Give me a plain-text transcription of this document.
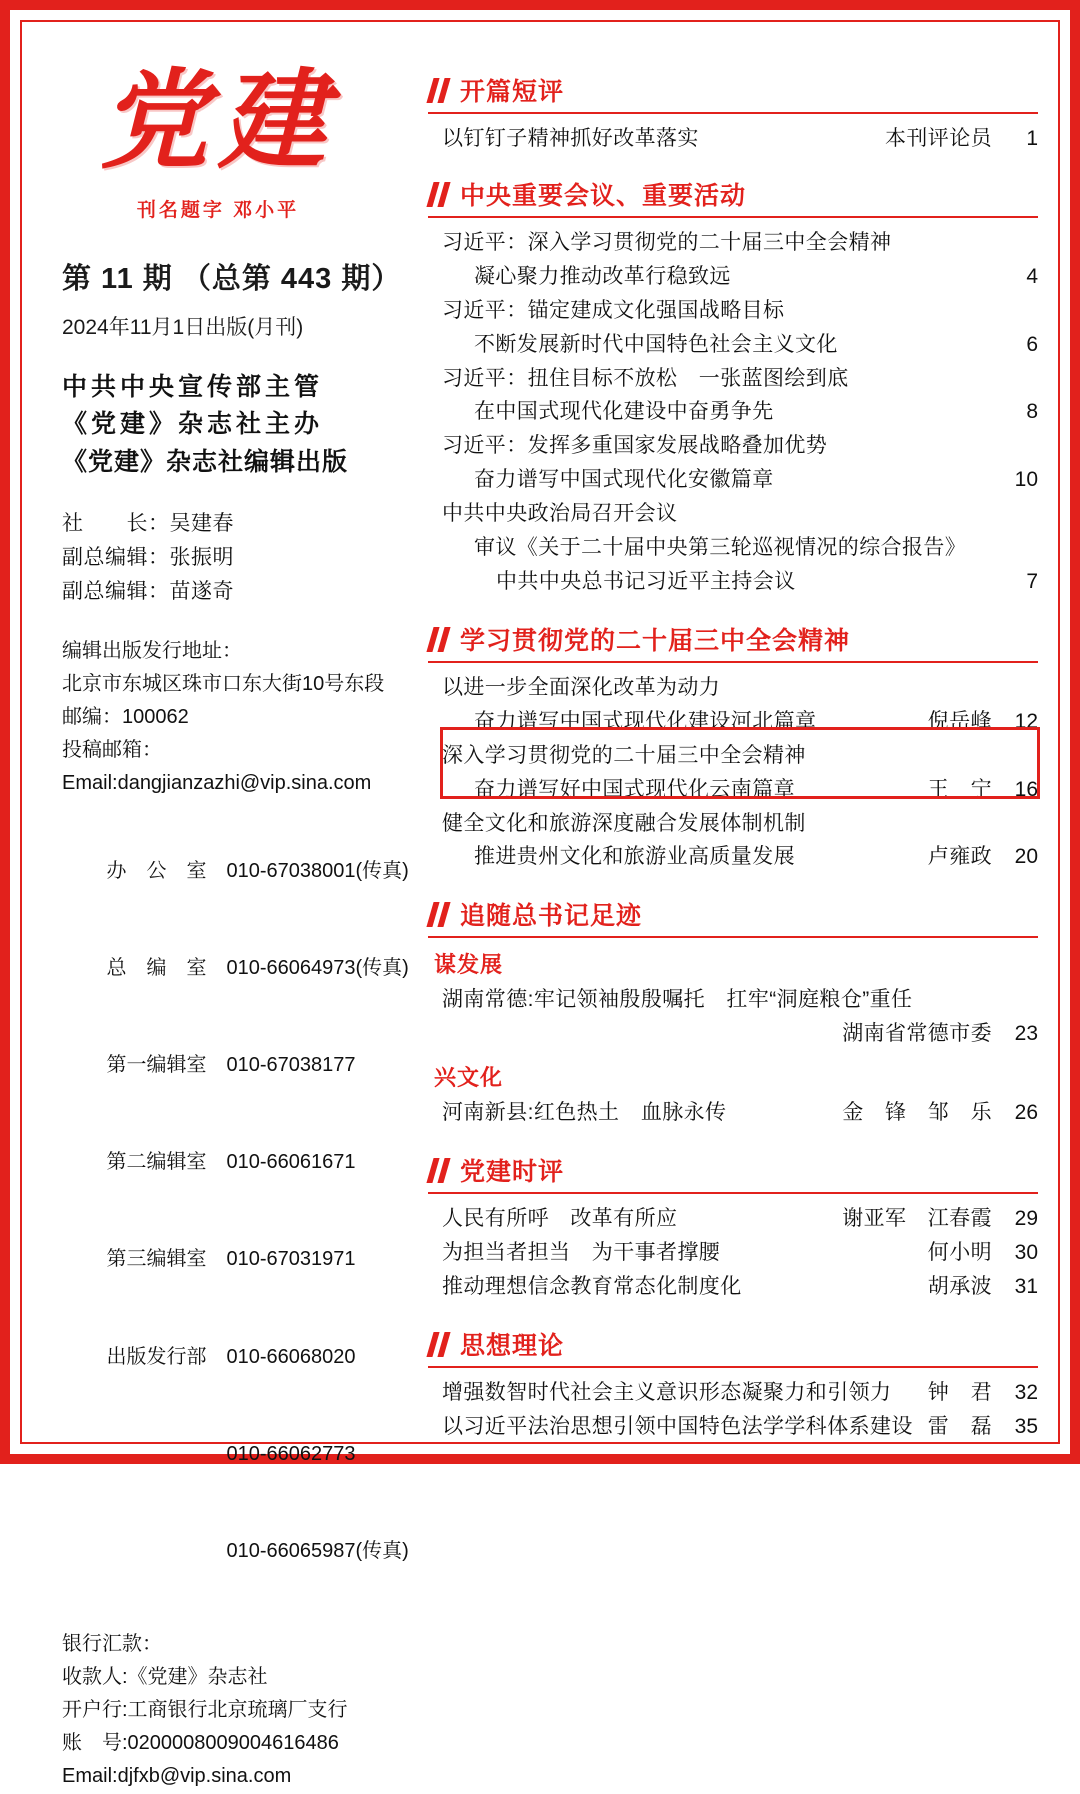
党建
刊名题字 邓小平
第 11 期 （总第 443 期）
2024年11月1日出版(月刊)
中共中央宣传部主管
《党建》杂志社主办
《党建》杂志社编辑出版
社　　长：吴建春
副总编辑：张振明
副总编辑：苗遂奇
编辑出版发行地址：
北京市东城区珠市口东大街10号东段
邮编：100062
投稿邮箱：
Email:dangjianzazhi@vip.sina.com

办　公　室 010-67038001(传真)

总　编　室 010-66064973(传真)

第一编辑室 010-67038177

第二编辑室 010-66061671

第三编辑室 010-67031971

出版发行部 010-66068020

010-66062773

010-66065987(传真)

银行汇款：
收款人:《党建》杂志社
开户行:工商银行北京琉璃厂支行
账　号:0200008009004616486
Email:djfxb@vip.sina.com
开篇短评
以钉钉子精神抓好改革落实	本刊评论员	1
中央重要会议、重要活动
习近平：深入学习贯彻党的二十届三中全会精神
凝心聚力推动改革行稳致远	4
习近平：锚定建成文化强国战略目标
不断发展新时代中国特色社会主义文化	6
习近平：扭住目标不放松　一张蓝图绘到底
在中国式现代化建设中奋勇争先	8
习近平：发挥多重国家发展战略叠加优势
奋力谱写中国式现代化安徽篇章	10
中共中央政治局召开会议
审议《关于二十届中央第三轮巡视情况的综合报告》
中共中央总书记习近平主持会议	7
学习贯彻党的二十届三中全会精神
以进一步全面深化改革为动力
奋力谱写中国式现代化建设河北篇章	倪岳峰	12
深入学习贯彻党的二十届三中全会精神
奋力谱写好中国式现代化云南篇章	王　宁	16
健全文化和旅游深度融合发展体制机制
推进贵州文化和旅游业高质量发展	卢雍政	20
追随总书记足迹
谋发展
湖南常德:牢记领袖殷殷嘱托　扛牢“洞庭粮仓”重任
湖南省常德市委	23
兴文化
河南新县:红色热土　血脉永传	金　锋　邹　乐	26
党建时评
人民有所呼　改革有所应	谢亚军　江春霞	29
为担当者担当　为干事者撑腰	何小明	30
推动理想信念教育常态化制度化	胡承波	31
思想理论
增强数智时代社会主义意识形态凝聚力和引领力	钟　君	32
以习近平法治思想引领中国特色法学学科体系建设 雷　磊	35
